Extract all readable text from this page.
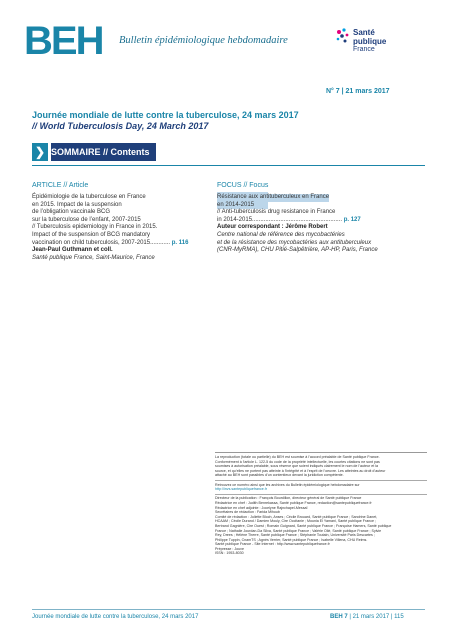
BEH Bulletin épidémiologique hebdomadaire
Santé
publique
France
N° 7 | 21 mars 2017
Journée mondiale de lutte contre la tuberculose, 24 mars 2017
// World Tuberculosis Day, 24 March 2017
❯ SOMMAIRE // Contents
ARTICLE // Article
Épidémiologie de la tuberculose en France
en 2015. Impact de la suspension
de l’obligation vaccinale BCG
sur la tuberculose de l’enfant, 2007-2015
// Tuberculosis epidemiology in France in 2015.
Impact of the suspension of BCG mandatory
vaccination on child tuberculosis, 2007-2015............ p. 116
Jean-Paul Guthmann et coll.
Santé publique France, Saint-Maurice, France
FOCUS // Focus
Résistance aux antituberculeux en France
en 2014-2015
// Anti-tuberculosis drug resistance in France
in 2014-2015...................................................... p. 127
Auteur correspondant : Jérôme Robert
Centre national de référence des mycobactéries
et de la résistance des mycobactéries aux antituberculeux
(CNR-MyRMA), CHU Pitié-Salpêtrière, AP-HP, Paris, France

La reproduction (totale ou partielle) du BEH est soumise à l’accord préalable de Santé publique France.

Conformément à l’article L. 122-5 du code de la propriété intellectuelle, les courtes citations ne sont pas

soumises à autorisation préalable, sous réserve que soient indiqués clairement le nom de l’auteur et la

source, et qu’elles ne portent pas atteinte à l’intégrité et à l’esprit de l’oeuvre. Les atteintes au droit d’auteur

attaché au BEH sont passibles d’un contentieux devant la juridiction compétente.

Retrouvez ce numéro ainsi que les archives du Bulletin épidémiologique hebdomadaire sur

http://invs.santepubliquefrance.fr

Directeur de la publication : François Bourdillon, directeur général de Santé publique France

Rédactrice en chef : Judith Benrekassa, Santé publique France, redaction@santepubliquefrance.fr

Rédactrice en chef adjointe : Jocelyne Rajnchapel-Messaï

Secrétaires de rédaction : Farida Mihoub

Comité de rédaction : Juliette Bloch, Anses ; Cécile Brouard, Santé publique France ; Sandrine Danet,

HCAAM ; Cécile Durand / Damien Mouly, Cire Occitanie ; Mounia El Yamani, Santé publique France ;

Bertrand Gagnière, Cire Ouest ; Romain Guignard, Santé publique France ; Françoise Hamers, Santé publique

France ; Nathalie Jourdan-Da Silva, Santé publique France ; Valérie Olié, Santé publique France ; Sylvie

Rey, Drees ; Hélène Therre, Santé publique France ; Stéphanie Toutain, Université Paris Descartes ;

Philippe Tuppin, CnamTS ; Agnès Verrier, Santé publique France ; Isabelle Villena, CHU Reims.

Santé publique France - Site Internet : http://www.santepubliquefrance.fr

Prépresse : Jouve

ISSN : 1953-8030

Journée mondiale de lutte contre la tuberculose, 24 mars 2017	BEH 7 | 21 mars 2017 | 115
